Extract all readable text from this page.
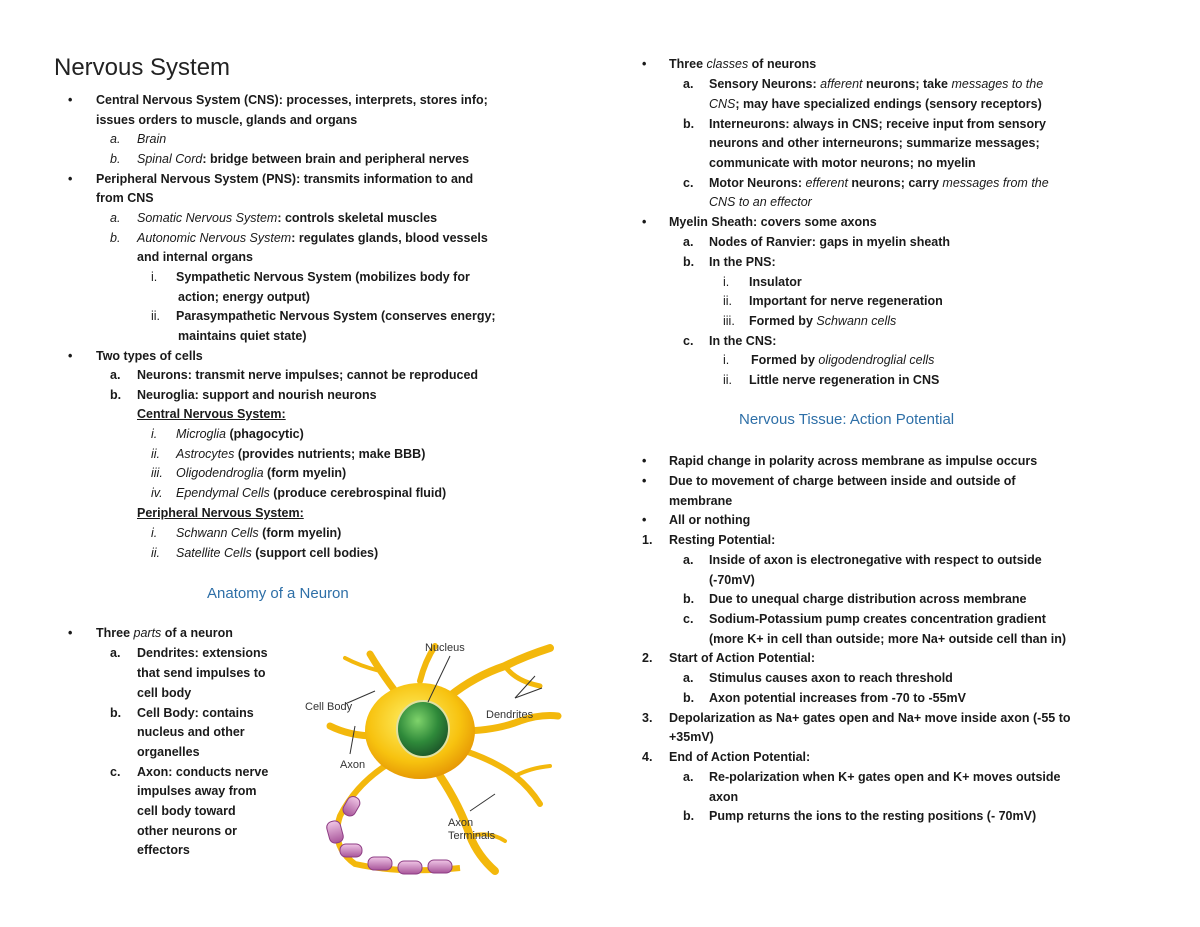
Nervous System
• Central Nervous System (CNS): processes, interprets, stores info;
issues orders to muscle, glands and organs
a. Brain
b. Spinal Cord: bridge between brain and peripheral nerves
• Peripheral Nervous System (PNS): transmits information to and
from CNS
a. Somatic Nervous System: controls skeletal muscles
b. Autonomic Nervous System: regulates glands, blood vessels
and internal organs
i. Sympathetic Nervous System (mobilizes body for
action; energy output)
ii. Parasympathetic Nervous System (conserves energy;
maintains quiet state)
• Two types of cells
a. Neurons: transmit nerve impulses; cannot be reproduced
b. Neuroglia: support and nourish neurons
Central Nervous System:
i. Microglia (phagocytic)
ii. Astrocytes (provides nutrients; make BBB)
iii. Oligodendroglia (form myelin)
iv. Ependymal Cells (produce cerebrospinal fluid)
Peripheral Nervous System:
i. Schwann Cells (form myelin)
ii. Satellite Cells (support cell bodies)
Anatomy of a Neuron
• Three parts of a neuron
a. Dendrites: extensions
that send impulses to
cell body
b. Cell Body: contains
nucleus and other
organelles
c. Axon: conducts nerve
impulses away from
cell body toward
other neurons or
effectors
Nucleus
Cell Body
Dendrites
Axon
Axon
Terminals
• Three classes of neurons
a. Sensory Neurons: afferent neurons; take messages to the
CNS; may have specialized endings (sensory receptors)
b. Interneurons: always in CNS; receive input from sensory
neurons and other interneurons; summarize messages;
communicate with motor neurons; no myelin
c. Motor Neurons: efferent neurons; carry messages from the
CNS to an effector
• Myelin Sheath: covers some axons
a. Nodes of Ranvier: gaps in myelin sheath
b. In the PNS:
i. Insulator
ii. Important for nerve regeneration
iii. Formed by Schwann cells
c. In the CNS:
i. Formed by oligodendroglial cells
ii. Little nerve regeneration in CNS
Nervous Tissue: Action Potential
• Rapid change in polarity across membrane as impulse occurs
• Due to movement of charge between inside and outside of
membrane
• All or nothing
1. Resting Potential:
a. Inside of axon is electronegative with respect to outside
(-70mV)
b. Due to unequal charge distribution across membrane
c. Sodium-Potassium pump creates concentration gradient
(more K+ in cell than outside; more Na+ outside cell than in)
2. Start of Action Potential:
a. Stimulus causes axon to reach threshold
b. Axon potential increases from -70 to -55mV
3. Depolarization as Na+ gates open and Na+ move inside axon (-55 to
+35mV)
4. End of Action Potential:
a. Re-polarization when K+ gates open and K+ moves outside
axon
b. Pump returns the ions to the resting positions (- 70mV)
